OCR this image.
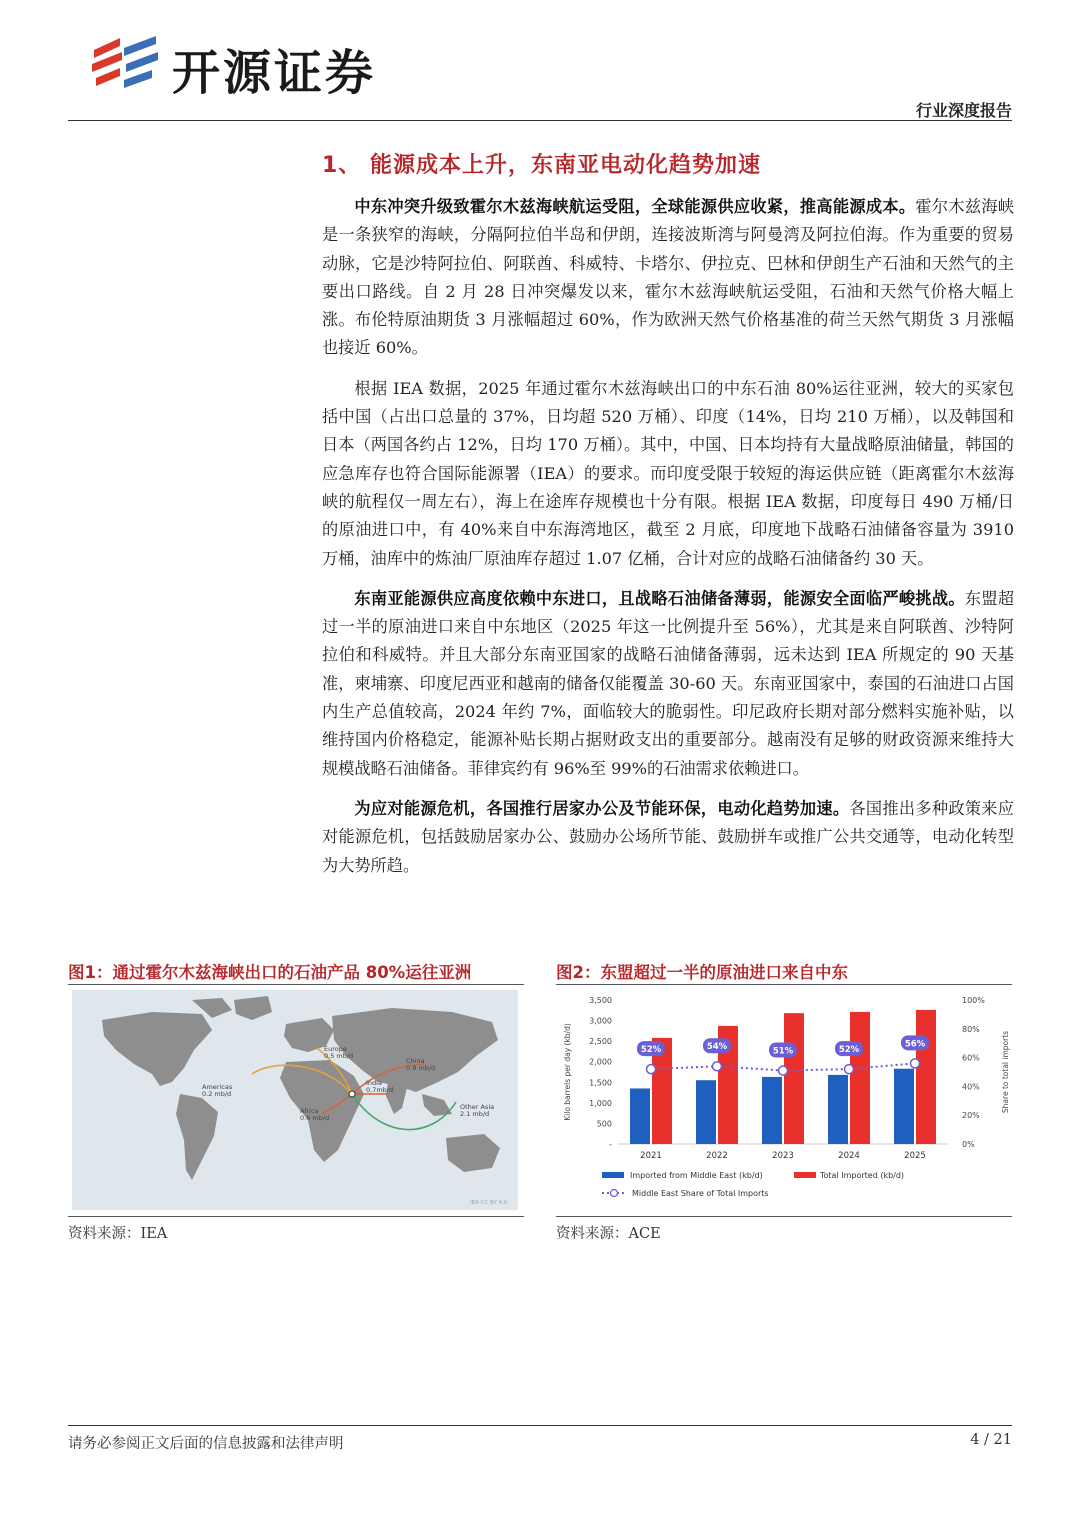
开源证券
行业深度报告
1、 能源成本上升，东南亚电动化趋势加速

中东冲突升级致霍尔木兹海峡航运受阻，全球能源供应收紧，推高能源成本。霍尔木兹海峡是一条狭窄的海峡，分隔阿拉伯半岛和伊朗，连接波斯湾与阿曼湾及阿拉伯海。作为重要的贸易动脉，它是沙特阿拉伯、阿联酋、科威特、卡塔尔、伊拉克、巴林和伊朗生产石油和天然气的主要出口路线。自 2 月 28 日冲突爆发以来，霍尔木兹海峡航运受阻，石油和天然气价格大幅上涨。布伦特原油期货 3 月涨幅超过 60%，作为欧洲天然气价格基准的荷兰天然气期货 3 月涨幅也接近 60%。

根据 IEA 数据，2025 年通过霍尔木兹海峡出口的中东石油 80%运往亚洲，较大的买家包括中国（占出口总量的 37%，日均超 520 万桶）、印度（14%，日均 210 万桶），以及韩国和日本（两国各约占 12%，日均 170 万桶）。其中，中国、日本均持有大量战略原油储量，韩国的应急库存也符合国际能源署（IEA）的要求。而印度受限于较短的海运供应链（距离霍尔木兹海峡的航程仅一周左右），海上在途库存规模也十分有限。根据 IEA 数据，印度每日 490 万桶/日的原油进口中，有 40%来自中东海湾地区，截至 2 月底，印度地下战略石油储备容量为 3910 万桶，油库中的炼油厂原油库存超过 1.07 亿桶，合计对应的战略石油储备约 30 天。

东南亚能源供应高度依赖中东进口，且战略石油储备薄弱，能源安全面临严峻挑战。东盟超过一半的原油进口来自中东地区（2025 年这一比例提升至 56%），尤其是来自阿联酋、沙特阿拉伯和科威特。并且大部分东南亚国家的战略石油储备薄弱，远未达到 IEA 所规定的 90 天基准，柬埔寨、印度尼西亚和越南的储备仅能覆盖 30-60 天。东南亚国家中，泰国的石油进口占国内生产总值较高，2024 年约 7%，面临较大的脆弱性。印尼政府长期对部分燃料实施补贴，以维持国内价格稳定，能源补贴长期占据财政支出的重要部分。越南没有足够的财政资源来维持大规模战略石油储备。菲律宾约有 96%至 99%的石油需求依赖进口。

为应对能源危机，各国推行居家办公及节能环保，电动化趋势加速。各国推出多种政策来应对能源危机，包括鼓励居家办公、鼓励办公场所节能、鼓励拼车或推广公共交通等，电动化转型为大势所趋。

图1：通过霍尔木兹海峡出口的石油产品 80%运往亚洲
Europe
0.5 mb/d
China
0.8 mb/d
Americas
0.2 mb/d
India
0.7mb/d
Africa
0.6 mb/d
Other Asia
2.1 mb/d
IEA CC BY 4.0
资料来源：IEA
图2：东盟超过一半的原油进口来自中东
3,500
3,000
2,500
2,000
1,500
1,000
500
-
100%
80%
60%
40%
20%
0%
Kilo barrels per day (kb/d)	Share to total imports
2021	2022	2023	2024	2025
52%	54%	51%	52%
56%
Imported from Middle East (kb/d)	Total Imported (kb/d)
Middle East Share of Total Imports
资料来源：ACE
请务必参阅正文后面的信息披露和法律声明	4 / 21
